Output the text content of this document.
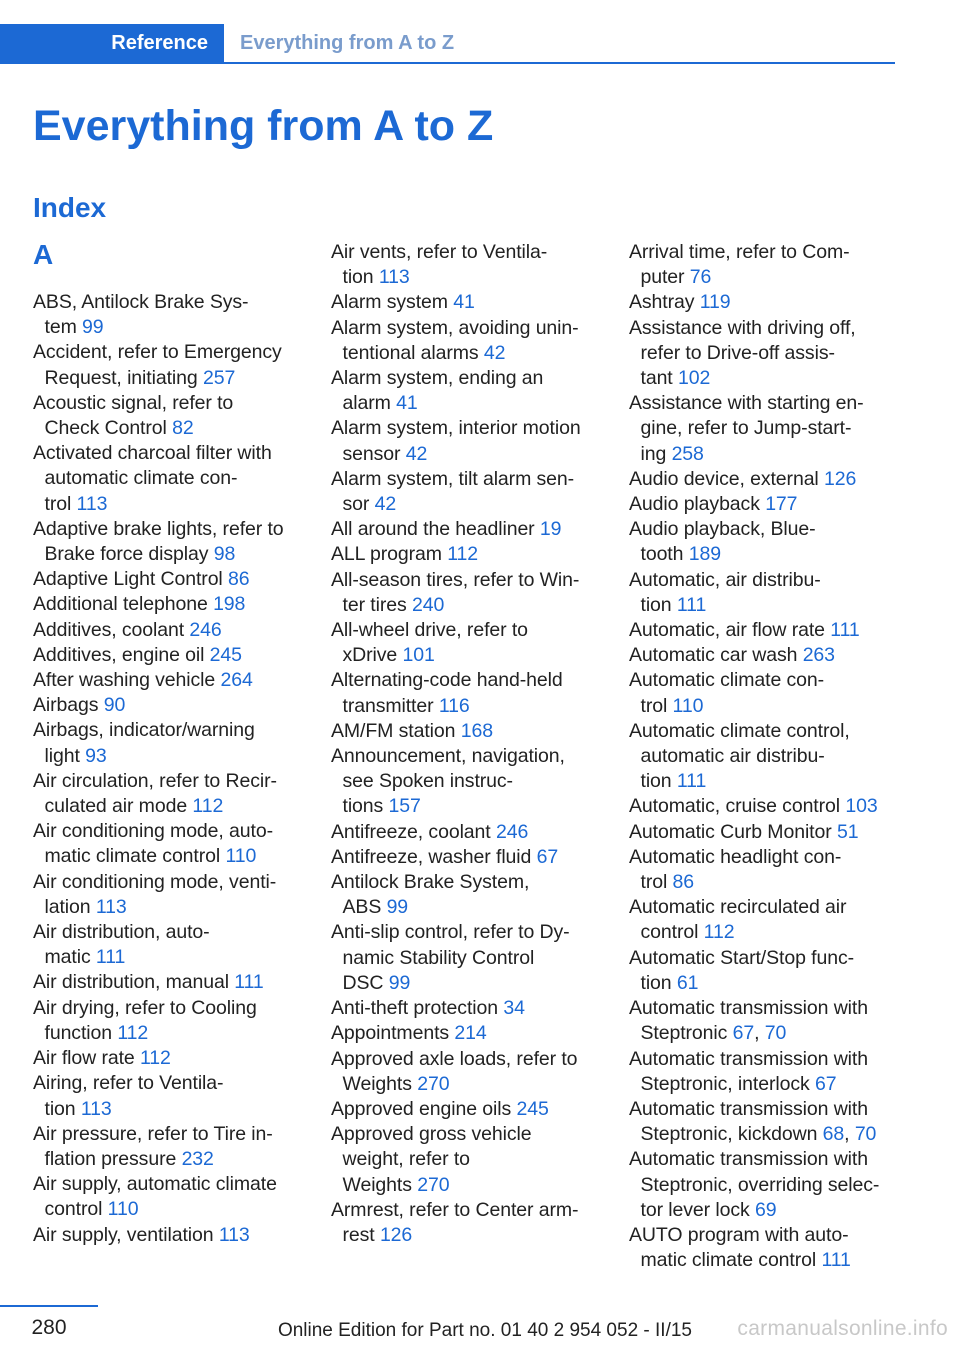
Reference	Everything from A to Z
Everything from A to Z
Index
A
ABS, Antilock Brake Sys-
tem 99
Accident, refer to Emergency
Request, initiating 257
Acoustic signal, refer to
Check Control 82
Activated charcoal filter with
automatic climate con-
trol 113
Adaptive brake lights, refer to
Brake force display 98
Adaptive Light Control 86
Additional telephone 198
Additives, coolant 246
Additives, engine oil 245
After washing vehicle 264
Airbags 90
Airbags, indicator/warning
light 93
Air circulation, refer to Recir-
culated air mode 112
Air conditioning mode, auto-
matic climate control 110
Air conditioning mode, venti-
lation 113
Air distribution, auto-
matic 111
Air distribution, manual 111
Air drying, refer to Cooling
function 112
Air flow rate 112
Airing, refer to Ventila-
tion 113
Air pressure, refer to Tire in-
flation pressure 232
Air supply, automatic climate
control 110
Air supply, ventilation 113
Air vents, refer to Ventila-
tion 113
Alarm system 41
Alarm system, avoiding unin-
tentional alarms 42
Alarm system, ending an
alarm 41
Alarm system, interior motion
sensor 42
Alarm system, tilt alarm sen-
sor 42
All around the headliner 19
ALL program 112
All-season tires, refer to Win-
ter tires 240
All-wheel drive, refer to
xDrive 101
Alternating-code hand-held
transmitter 116
AM/FM station 168
Announcement, navigation,
see Spoken instruc-
tions 157
Antifreeze, coolant 246
Antifreeze, washer fluid 67
Antilock Brake System,
ABS 99
Anti-slip control, refer to Dy-
namic Stability Control
DSC 99
Anti-theft protection 34
Appointments 214
Approved axle loads, refer to
Weights 270
Approved engine oils 245
Approved gross vehicle
weight, refer to
Weights 270
Armrest, refer to Center arm-
rest 126
Arrival time, refer to Com-
puter 76
Ashtray 119
Assistance with driving off,
refer to Drive-off assis-
tant 102
Assistance with starting en-
gine, refer to Jump-start-
ing 258
Audio device, external 126
Audio playback 177
Audio playback, Blue-
tooth 189
Automatic, air distribu-
tion 111
Automatic, air flow rate 111
Automatic car wash 263
Automatic climate con-
trol 110
Automatic climate control,
automatic air distribu-
tion 111
Automatic, cruise control 103
Automatic Curb Monitor 51
Automatic headlight con-
trol 86
Automatic recirculated air
control 112
Automatic Start/Stop func-
tion 61
Automatic transmission with
Steptronic 67, 70
Automatic transmission with
Steptronic, interlock 67
Automatic transmission with
Steptronic, kickdown 68, 70
Automatic transmission with
Steptronic, overriding selec-
tor lever lock 69
AUTO program with auto-
matic climate control 111
280	Online Edition for Part no. 01 40 2 954 052 - II/15 carmanualsonline.info
